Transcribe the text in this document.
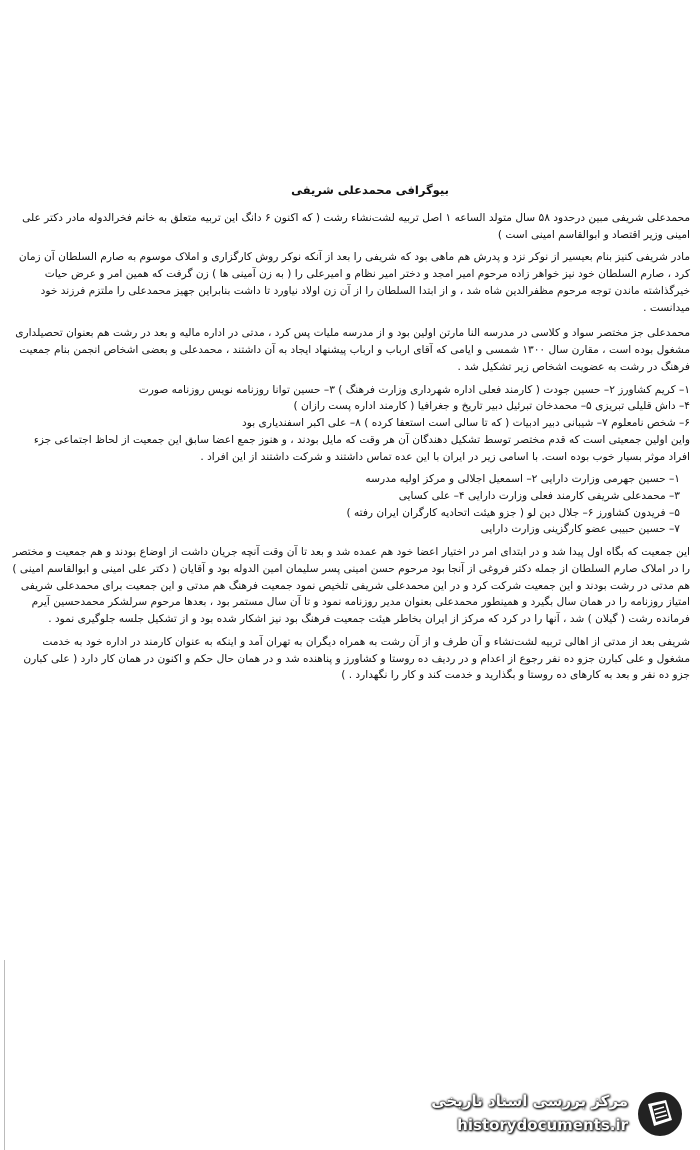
بیوگرافی محمدعلی شریفی

محمدعلی شریفی مبین درحدود ۵۸ سال متولد الساعه ۱ اصل تربیه لشت‌نشاء رشت ( که اکنون ۶ دانگ این تربیه متعلق به خانم فخرالدوله مادر دکتر علی امینی وزیر اقتصاد و ابوالقاسم امینی است )

مادر شریفی کنیز بنام بعیسیر از نوکر نزد و پدرش هم ماهی بود که شریفی را بعد از آنکه نوکر روش کارگزاری و املاک موسوم به صارم السلطان آن زمان کرد ، صارم السلطان خود نیز خواهر زاده مرحوم امیر امجد و دختر امیر نظام و امیرعلی را ( به زن آمینی ها ) زن گرفت که همین امر و عرض حیات خیرگذاشته ماندن توجه مرحوم مظفرالدین شاه شد ، و از ابتدا السلطان را از آن زن اولاد نیاورد تا داشت بنابراین جهیز محمدعلی را ملتزم فرزند خود میدانست .

محمدعلی جز مختصر سواد و کلاسی در مدرسه النا مارتن اولین بود و از مدرسه ملیات پس کرد ، مدتی در اداره مالیه و بعد در رشت هم بعنوان تحصیلداری مشغول بوده است ، مقارن سال ۱۳۰۰ شمسی و ایامی که آقای ارباب و ارباب پیشنهاد ایجاد به آن داشتند ، محمدعلی و بعضی اشخاص انجمن بنام جمعیت فرهنگ در رشت به عضویت اشخاص زیر تشکیل شد .

۱– کریم کشاورز ۲– حسین جودت ( کارمند فعلی اداره شهرداری وزارت فرهنگ ) ۳– حسین توانا روزنامه نویس روزنامه صورت

۴– داش قلیلی تبریزی ۵– محمدخان تبرئیل دبیر تاریخ و جغرافیا ( کارمند اداره پست رازان )

۶– شخص نامعلوم ۷– شیبانی دبیر ادبیات ( که تا سالی است استعفا کرده ) ۸– علی اکبر اسفندیاری بود

واین اولین جمعیتی است که قدم مختصر توسط تشکیل دهندگان آن هر وقت که مایل بودند ، و هنوز جمع اعضا سابق این جمعیت از لحاظ اجتماعی جزء افراد موثر بسیار خوب بوده است. با اسامی زیر در ایران با این عده تماس داشتند و شرکت داشتند از این افراد .

۱– حسین جهرمی وزارت دارایی ۲– اسمعیل اجلالی و مرکز اولیه مدرسه

۳– محمدعلی شریفی کارمند فعلی وزارت دارایی ۴– علی کسایی

۵– فریدون کشاورز ۶– جلال دین لو ( جزو هیئت اتحادیه کارگران ایران رفته )

۷– حسین حبیبی عضو کارگزینی وزارت دارایی

این جمعیت که بگاه اول پیدا شد و در ابتدای امر در اختیار اعضا خود هم عمده شد و بعد تا آن وقت آنچه جریان داشت از اوضاع بودند و هم جمعیت و مختصر را در املاک صارم السلطان از جمله دکتر فروغی از آنجا بود مرحوم حسن امینی پسر سلیمان امین الدوله بود و آقایان ( دکتر علی امینی و ابوالقاسم امینی ) هم مدتی در رشت بودند و این جمعیت شرکت کرد و در این محمدعلی شریفی تلخیص نمود جمعیت فرهنگ هم مدتی و این جمعیت برای محمدعلی شریفی امتیاز روزنامه را در همان سال بگیرد و همینطور محمدعلی بعنوان مدیر روزنامه نمود و تا آن سال مستمر بود ، بعدها مرحوم سرلشکر محمدحسین آیرم فرمانده رشت ( گیلان ) شد ، آنها را در کرد که مرکز از ایران بخاطر هیئت جمعیت فرهنگ بود نیز اشکار شده بود و از تشکیل جلسه جلوگیری نمود .

شریفی بعد از مدتی از اهالی تربیه لشت‌نشاء و آن طرف و از آن رشت به همراه دیگران به تهران آمد و اینکه به عنوان کارمند در اداره خود به خدمت مشغول و علی کبارن جزو ده نفر رجوع از اعدام و در ردیف ده روستا و کشاورز و پناهنده شد و در همان حال حکم و اکنون در همان کار دارد ( علی کبارن جزو ده نفر و بعد به کارهای ده روستا و بگذارید و خدمت کند و کار را نگهدارد . )

مرکز بررسی اسناد تاریخی
historydocuments.ir
